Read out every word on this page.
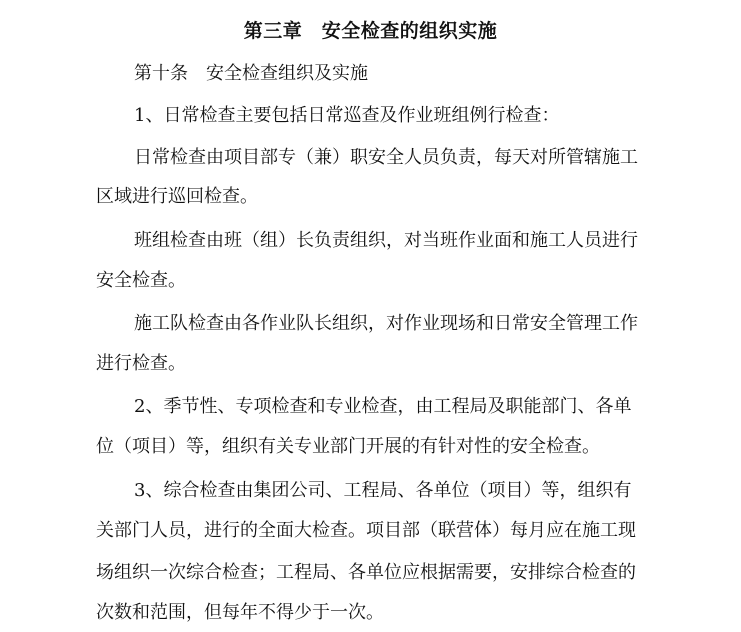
第三章　安全检查的组织实施
第十条　安全检查组织及实施
1、日常检查主要包括日常巡查及作业班组例行检查：
日常检查由项目部专（兼）职安全人员负责，每天对所管辖施工
区域进行巡回检查。
班组检查由班（组）长负责组织，对当班作业面和施工人员进行
安全检查。
施工队检查由各作业队长组织，对作业现场和日常安全管理工作
进行检查。
2、季节性、专项检查和专业检查，由工程局及职能部门、各单
位（项目）等，组织有关专业部门开展的有针对性的安全检查。
3、综合检查由集团公司、工程局、各单位（项目）等，组织有
关部门人员，进行的全面大检查。项目部（联营体）每月应在施工现
场组织一次综合检查；工程局、各单位应根据需要，安排综合检查的
次数和范围，但每年不得少于一次。
